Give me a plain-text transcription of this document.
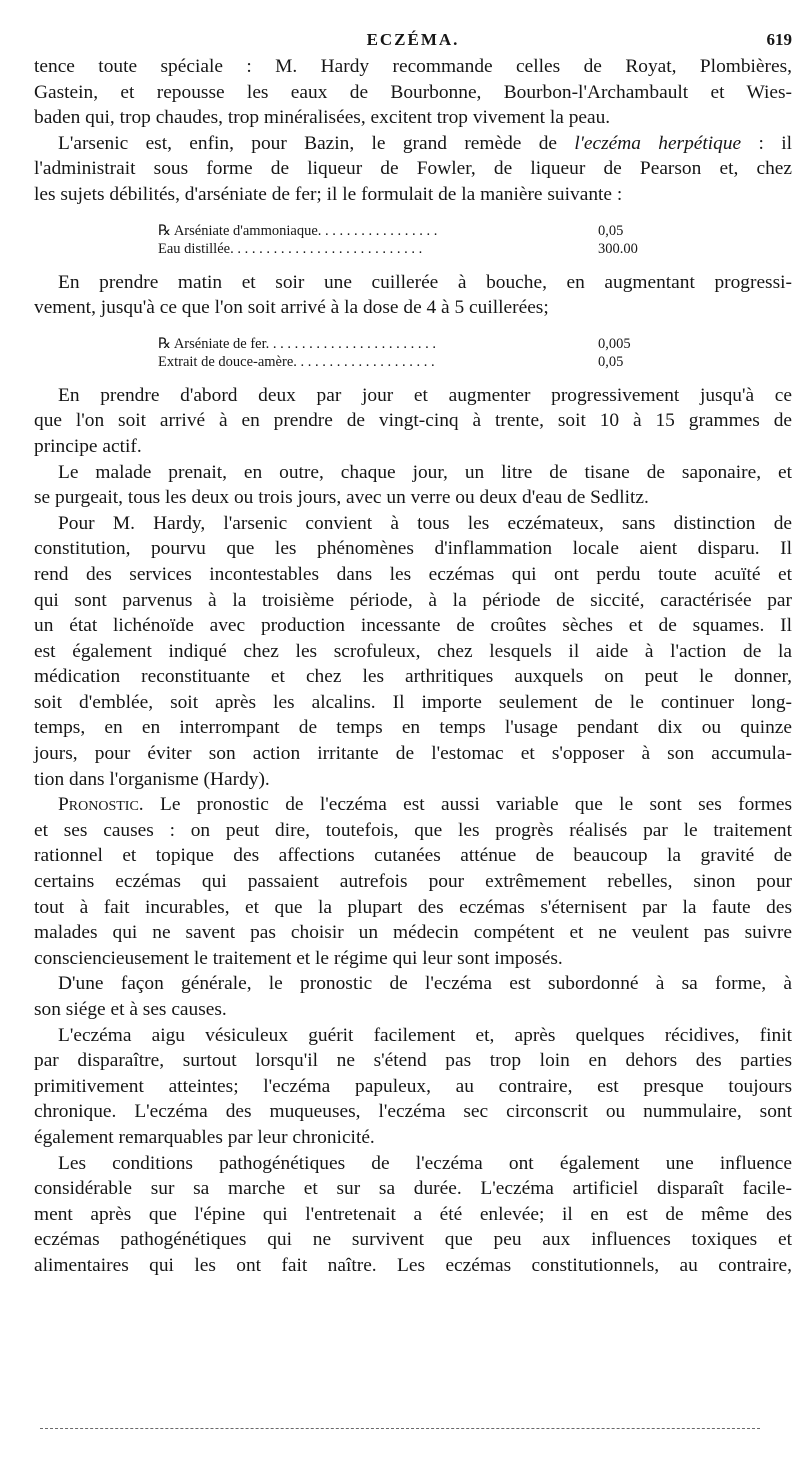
ECZÉMA.	619

tence toute spéciale : M. Hardy recommande celles de Royat, Plombières,
Gastein, et repousse les eaux de Bourbonne, Bourbon-l'Archambault et Wies-
baden qui, trop chaudes, trop minéralisées, excitent trop vivement la peau.

L'arsenic est, enfin, pour Bazin, le grand remède de l'eczéma herpétique : il
l'administrait sous forme de liqueur de Fowler, de liqueur de Pearson et, chez
les sujets débilités, d'arséniate de fer; il le formulait de la manière suivante :

℞ Arséniate d'ammoniaque. . . . . . . . . . . . . . . . .	0,05
Eau distillée. . . . . . . . . . . . . . . . . . . . . . . . . . .	300.00

En prendre matin et soir une cuillerée à bouche, en augmentant progressi-
vement, jusqu'à ce que l'on soit arrivé à la dose de 4 à 5 cuillerées;

℞ Arséniate de fer. . . . . . . . . . . . . . . . . . . . . . . .	0,005
Extrait de douce-amère. . . . . . . . . . . . . . . . . . . .	0,05

En prendre d'abord deux par jour et augmenter progressivement jusqu'à ce
que l'on soit arrivé à en prendre de vingt-cinq à trente, soit 10 à 15 grammes de
principe actif.

Le malade prenait, en outre, chaque jour, un litre de tisane de saponaire, et
se purgeait, tous les deux ou trois jours, avec un verre ou deux d'eau de Sedlitz.

Pour M. Hardy, l'arsenic convient à tous les eczémateux, sans distinction de
constitution, pourvu que les phénomènes d'inflammation locale aient disparu. Il
rend des services incontestables dans les eczémas qui ont perdu toute acuïté et
qui sont parvenus à la troisième période, à la période de siccité, caractérisée par
un état lichénoïde avec production incessante de croûtes sèches et de squames. Il
est également indiqué chez les scrofuleux, chez lesquels il aide à l'action de la
médication reconstituante et chez les arthritiques auxquels on peut le donner,
soit d'emblée, soit après les alcalins. Il importe seulement de le continuer long-
temps, en en interrompant de temps en temps l'usage pendant dix ou quinze
jours, pour éviter son action irritante de l'estomac et s'opposer à son accumula-
tion dans l'organisme (Hardy).

Pronostic. Le pronostic de l'eczéma est aussi variable que le sont ses formes
et ses causes : on peut dire, toutefois, que les progrès réalisés par le traitement
rationnel et topique des affections cutanées atténue de beaucoup la gravité de
certains eczémas qui passaient autrefois pour extrêmement rebelles, sinon pour
tout à fait incurables, et que la plupart des eczémas s'éternisent par la faute des
malades qui ne savent pas choisir un médecin compétent et ne veulent pas suivre
consciencieusement le traitement et le régime qui leur sont imposés.

D'une façon générale, le pronostic de l'eczéma est subordonné à sa forme, à
son siége et à ses causes.

L'eczéma aigu vésiculeux guérit facilement et, après quelques récidives, finit
par disparaître, surtout lorsqu'il ne s'étend pas trop loin en dehors des parties
primitivement atteintes; l'eczéma papuleux, au contraire, est presque toujours
chronique. L'eczéma des muqueuses, l'eczéma sec circonscrit ou nummulaire, sont
également remarquables par leur chronicité.

Les conditions pathogénétiques de l'eczéma ont également une influence
considérable sur sa marche et sur sa durée. L'eczéma artificiel disparaît facile-
ment après que l'épine qui l'entretenait a été enlevée; il en est de même des
eczémas pathogénétiques qui ne survivent que peu aux influences toxiques et
alimentaires qui les ont fait naître. Les eczémas constitutionnels, au contraire,
